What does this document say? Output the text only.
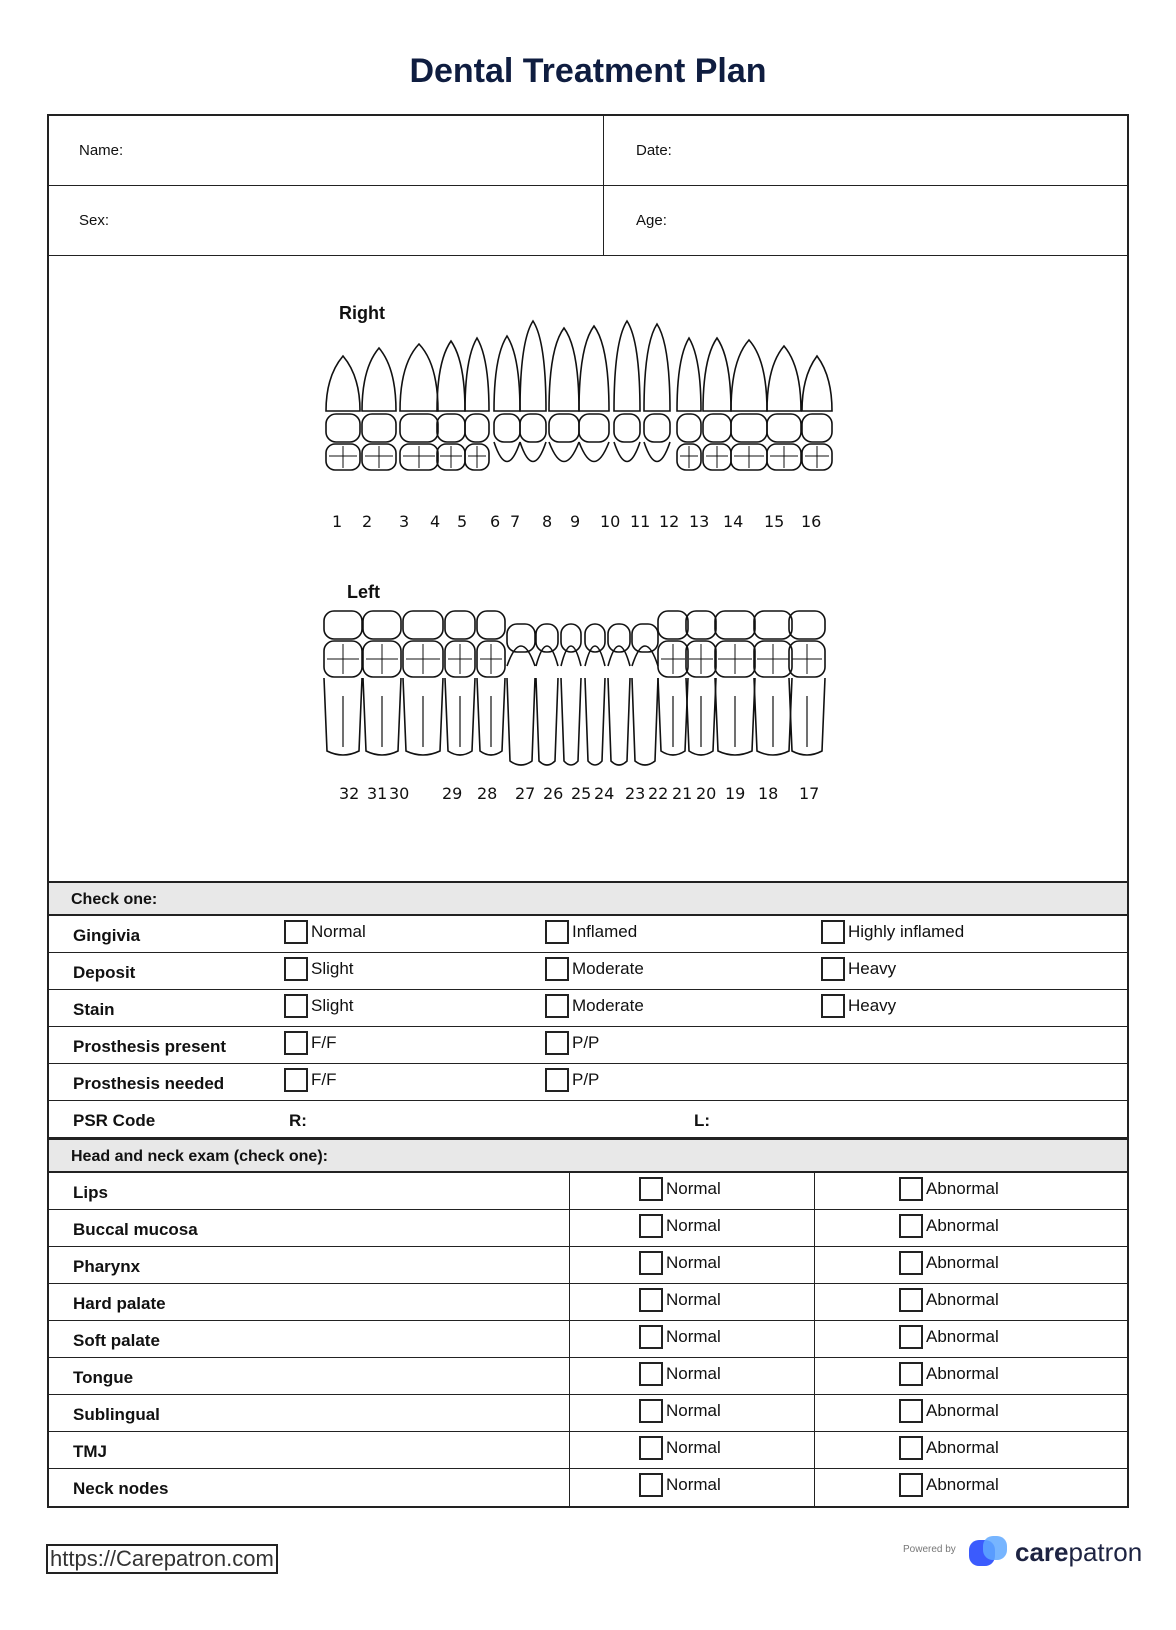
Dental Treatment Plan
Name:	Date:
Sex:	Age:
Right
1 2 3 4 5 6 7 8 9 10 11 12 13 14 15 16
Left
32 31 30 29 28 27 26 25 24 23 22 21 20 19 18 17
Check one:
Gingivia	Normal	Inflamed	Highly inflamed
Deposit	Slight	Moderate	Heavy
Stain	Slight	Moderate	Heavy
Prosthesis present	F/F	P/P
Prosthesis needed	F/F	P/P
PSR Code	R:	L:
Head and neck exam (check one):
Lips	Normal	Abnormal
Buccal mucosa	Normal	Abnormal
Pharynx	Normal	Abnormal
Hard palate	Normal	Abnormal
Soft palate	Normal	Abnormal
Tongue	Normal	Abnormal
Sublingual	Normal	Abnormal
TMJ	Normal	Abnormal
Neck nodes	Normal	Abnormal
https://Carepatron.com	Powered by carepatron
